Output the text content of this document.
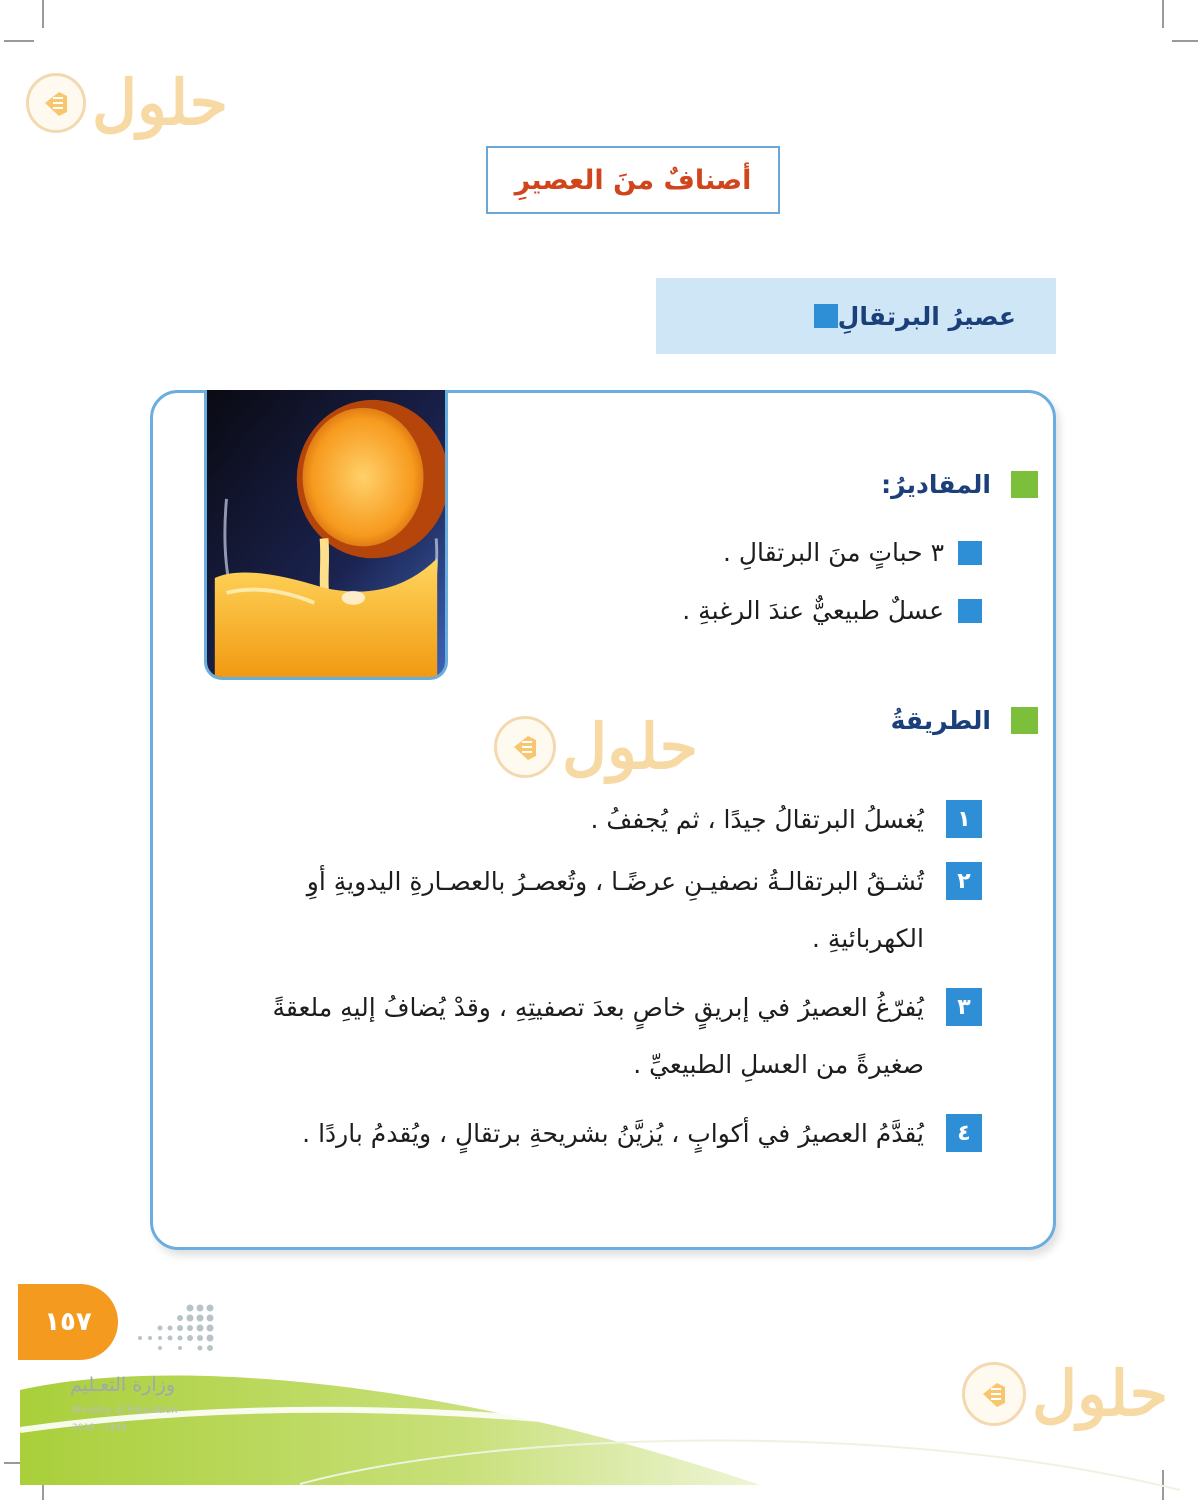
حلول
أصنافٌ منَ العصيرِ
عصيرُ البرتقالِ
المقاديرُ:
٣ حباتٍ منَ البرتقالِ .
عسلٌ طبيعيٌّ عندَ الرغبةِ .
الطريقةُ
حلول
١
يُغسلُ البرتقالُ جيدًا ، ثم يُجففُ .
٢
تُشـقُ البرتقالـةُ نصفيـنِ عرضًـا ، وتُعصـرُ بالعصـارةِ اليدويةِ أوِ
الكهربائيةِ .
٣
يُفرّغُ العصيرُ في إبريقٍ خاصٍ بعدَ تصفيتِهِ ، وقدْ يُضافُ إليهِ ملعقةً
صغيرةً من العسلِ الطبيعيِّ .
٤
يُقدَّمُ العصيرُ في أكوابٍ ، يُزيَّنُ بشريحةِ برتقالٍ ، ويُقدمُ باردًا .
١٥٧
وزارة التعـليم
Ministry of Education
2018 - 1440	حلول
